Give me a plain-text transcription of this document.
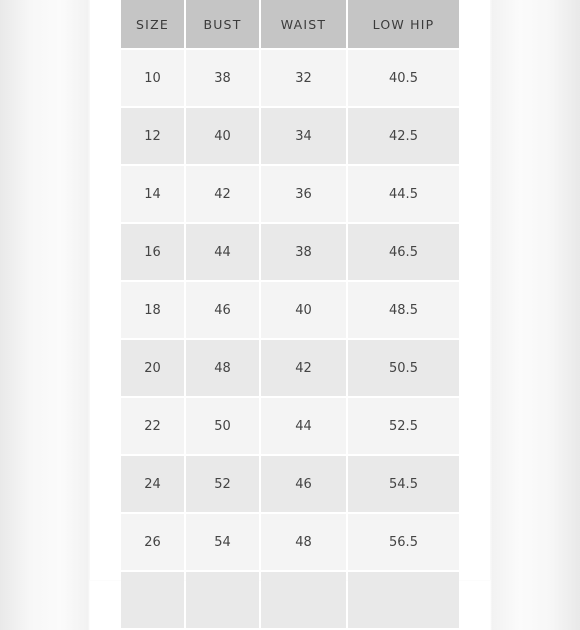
SIZE	BUST	WAIST	LOW HIP
10	38	32	40.5
12	40	34	42.5
14	42	36	44.5
16	44	38	46.5
18	46	40	48.5
20	48	42	50.5
22	50	44	52.5
24	52	46	54.5
26	54	48	56.5
